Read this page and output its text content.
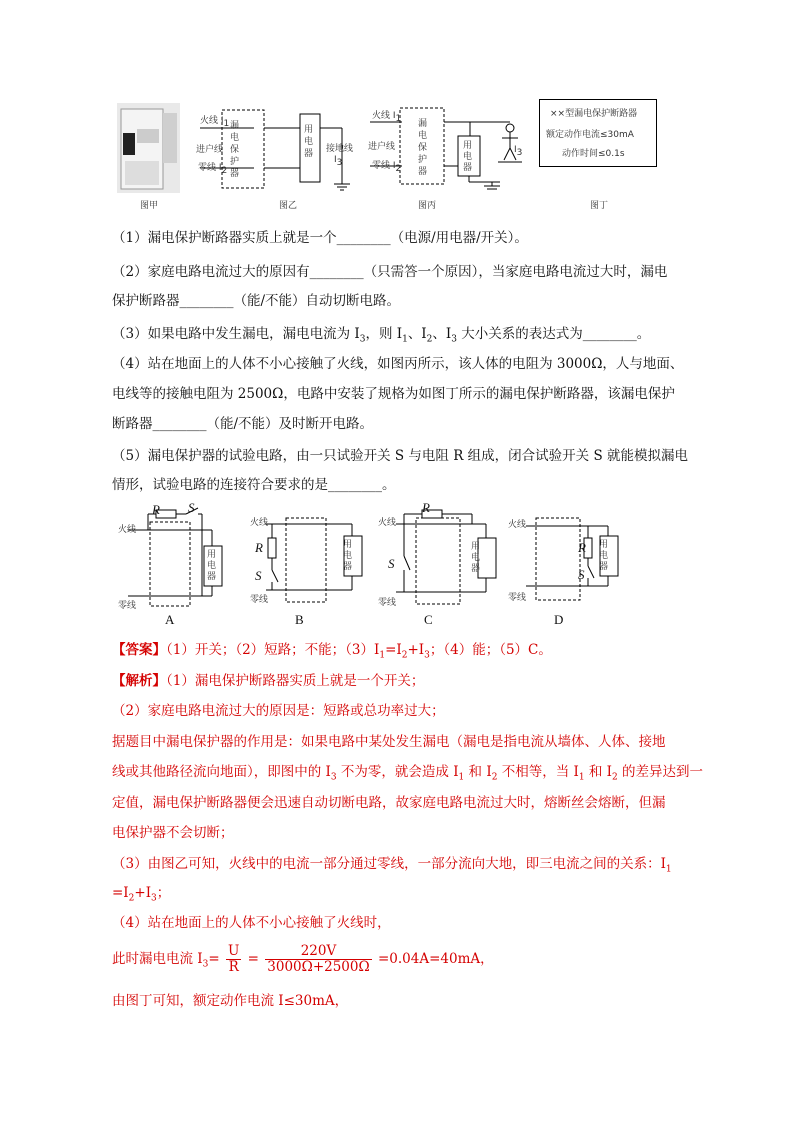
图甲
火线 $I_1$
进户线
零线 $I_2$
漏电保护器
用电器 接地线
$I_3$
图乙
火线 $I_1$
进户线
零线 $I_2$
漏电保护器
用电器
$I_3$
图丙
××型漏电保护断路器
额定动作电流≤30mA
动作时间≤0.1s
图丁
（1）漏电保护断路器实质上就是一个________（电源/用电器/开关）。
（2）家庭电路电流过大的原因有________（只需答一个原因），当家庭电路电流过大时，漏电
保护断路器________（能/不能）自动切断电路。
（3）如果电路中发生漏电，漏电电流为 $I_3$，则 $I_1$、$I_2$、$I_3$ 大小关系的表达式为________。
（4）站在地面上的人体不小心接触了火线，如图丙所示，该人体的电阻为 3000Ω，人与地面、
电线等的接触电阻为 2500Ω，电路中安装了规格为如图丁所示的漏电保护断路器，该漏电保护
断路器________（能/不能）及时断开电路。
（5）漏电保护器的试验电路，由一只试验开关 S 与电阻 R 组成，闭合试验开关 S 就能模拟漏电
情形，试验电路的连接符合要求的是________。
火线
零线
R S
用电器
火线
零线
R
S
用电器
火线
零线
R
S
用电器
火线
零线
R
S
用电器
A	B	C	D
【答案】（1）开关；（2）短路；不能；$(3)I_1=I_2+I_3$；（4）能；（5）C。
【解析】（1）漏电保护断路器实质上就是一个开关；
（2）家庭电路电流过大的原因是：短路或总功率过大；
据题目中漏电保护器的作用是：如果电路中某处发生漏电（漏电是指电流从墙体、人体、接地
线或其他路径流向地面），即图中的 $I_3$ 不为零，就会造成 $I_1$ 和 $I_2$ 不相等，当 $I_1$ 和 $I_2$ 的差异达到一
定值，漏电保护断路器便会迅速自动切断电路，故家庭电路电流过大时，熔断丝会熔断，但漏
电保护器不会切断；
（3）由图乙可知，火线中的电流一部分通过零线，一部分流向大地，即三电流之间的关系：$I_1$
$=I_2+I_3$；
（4）站在地面上的人体不小心接触了火线时，
此时漏电电流 $I_3= \frac{U}{R} = \frac{220V}{3000\Omega+2500\Omega} =0.04A=40mA$，
由图丁可知，额定动作电流 I≤30mA，
